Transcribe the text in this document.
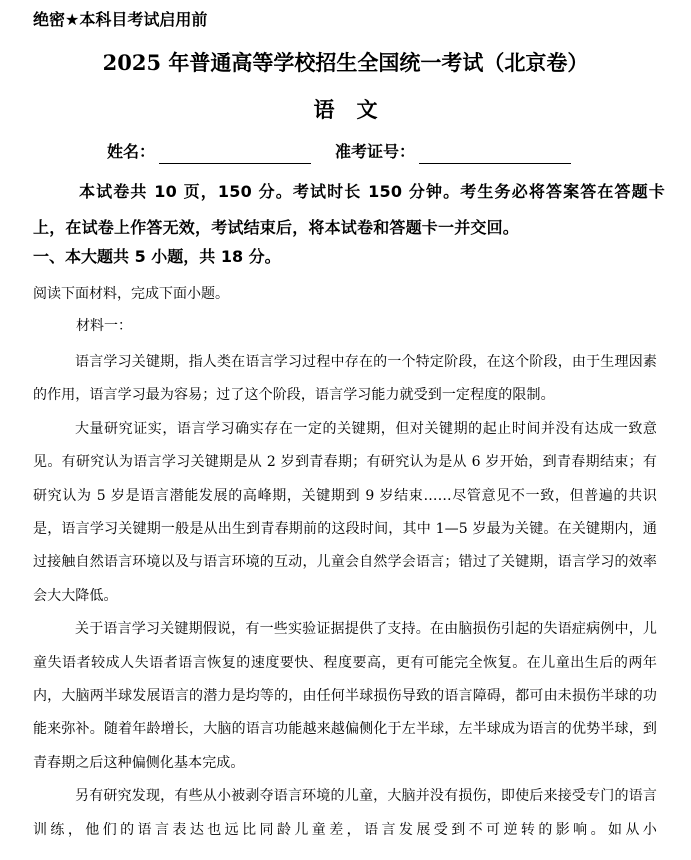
绝密★本科目考试启用前
2025 年普通高等学校招生全国统一考试（北京卷）
语文
姓名：	准考证号：
本试卷共 10 页，150 分。考试时长 150 分钟。考生务必将答案答在答题卡上，在试卷上作答无效，考试结束后，将本试卷和答题卡一并交回。
一、本大题共 5 小题，共 18 分。
阅读下面材料，完成下面小题。
材料一：

语言学习关键期，指人类在语言学习过程中存在的一个特定阶段，在这个阶段，由于生理因素的作用，语言学习最为容易；过了这个阶段，语言学习能力就受到一定程度的限制。

大量研究证实，语言学习确实存在一定的关键期，但对关键期的起止时间并没有达成一致意见。有研究认为语言学习关键期是从 2 岁到青春期；有研究认为是从 6 岁开始，到青春期结束；有研究认为 5 岁是语言潜能发展的高峰期，关键期到 9 岁结束……尽管意见不一致，但普遍的共识是，语言学习关键期一般是从出生到青春期前的这段时间，其中 1—5 岁最为关键。在关键期内，通过接触自然语言环境以及与语言环境的互动，儿童会自然学会语言；错过了关键期，语言学习的效率会大大降低。

关于语言学习关键期假说，有一些实验证据提供了支持。在由脑损伤引起的失语症病例中，儿童失语者较成人失语者语言恢复的速度要快、程度要高，更有可能完全恢复。在儿童出生后的两年内，大脑两半球发展语言的潜力是均等的，由任何半球损伤导致的语言障碍，都可由未损伤半球的功能来弥补。随着年龄增长，大脑的语言功能越来越偏侧化于左半球，左半球成为语言的优势半球，到青春期之后这种偏侧化基本完成。

另有研究发现，有些从小被剥夺语言环境的儿童，大脑并没有损伤，即使后来接受专门的语言训练，他们的语言表达也远比同龄儿童差，语言发展受到不可逆转的影响。如从小
